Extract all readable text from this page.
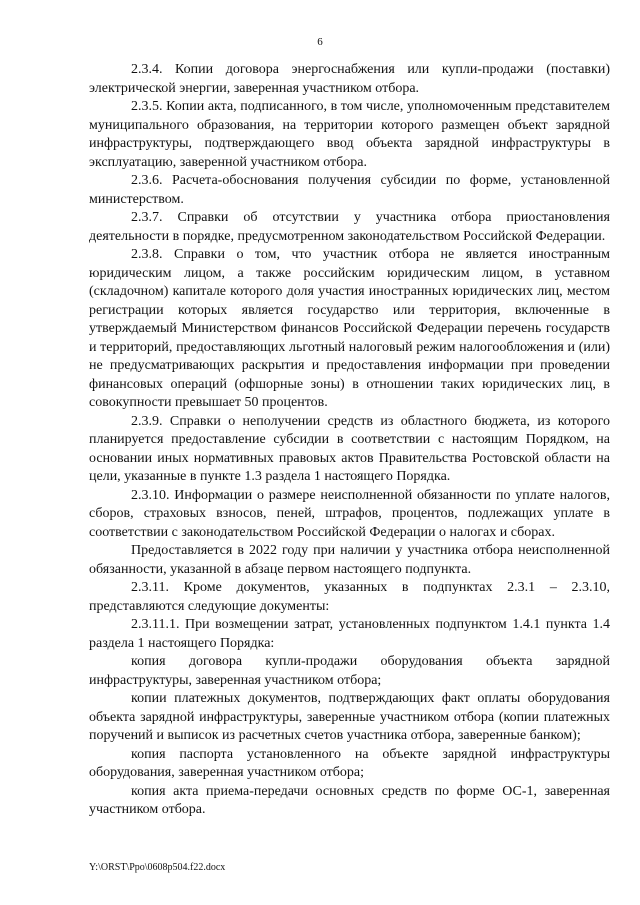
6

2.3.4. Копии договора энергоснабжения или купли-продажи (поставки) электрической энергии, заверенная участником отбора.

2.3.5. Копии акта, подписанного, в том числе, уполномоченным представителем муниципального образования, на территории которого размещен объект зарядной инфраструктуры, подтверждающего ввод объекта зарядной инфраструктуры в эксплуатацию, заверенной участником отбора.

2.3.6. Расчета-обоснования получения субсидии по форме, установленной министерством.

2.3.7. Справки об отсутствии у участника отбора приостановления деятельности в порядке, предусмотренном законодательством Российской Федерации.

2.3.8. Справки о том, что участник отбора не является иностранным юридическим лицом, а также российским юридическим лицом, в уставном (складочном) капитале которого доля участия иностранных юридических лиц, местом регистрации которых является государство или территория, включенные в утверждаемый Министерством финансов Российской Федерации перечень государств и территорий, предоставляющих льготный налоговый режим налогообложения и (или) не предусматривающих раскрытия и предоставления информации при проведении финансовых операций (офшорные зоны) в отношении таких юридических лиц, в совокупности превышает 50 процентов.

2.3.9. Справки о неполучении средств из областного бюджета, из которого планируется предоставление субсидии в соответствии с настоящим Порядком, на основании иных нормативных правовых актов Правительства Ростовской области на цели, указанные в пункте 1.3 раздела 1 настоящего Порядка.

2.3.10. Информации о размере неисполненной обязанности по уплате налогов, сборов, страховых взносов, пеней, штрафов, процентов, подлежащих уплате в соответствии с законодательством Российской Федерации о налогах и сборах.

Предоставляется в 2022 году при наличии у участника отбора неисполненной обязанности, указанной в абзаце первом настоящего подпункта.

2.3.11. Кроме документов, указанных в подпунктах 2.3.1 – 2.3.10, представляются следующие документы:

2.3.11.1. При возмещении затрат, установленных подпунктом 1.4.1 пункта 1.4 раздела 1 настоящего Порядка:

копия договора купли-продажи оборудования объекта зарядной инфраструктуры, заверенная участником отбора;

копии платежных документов, подтверждающих факт оплаты оборудования объекта зарядной инфраструктуры, заверенные участником отбора (копии платежных поручений и выписок из расчетных счетов участника отбора, заверенные банком);

копия паспорта установленного на объекте зарядной инфраструктуры оборудования, заверенная участником отбора;

копия акта приема-передачи основных средств по форме ОС-1, заверенная участником отбора.

Y:\ORST\Ppo\0608p504.f22.docx
